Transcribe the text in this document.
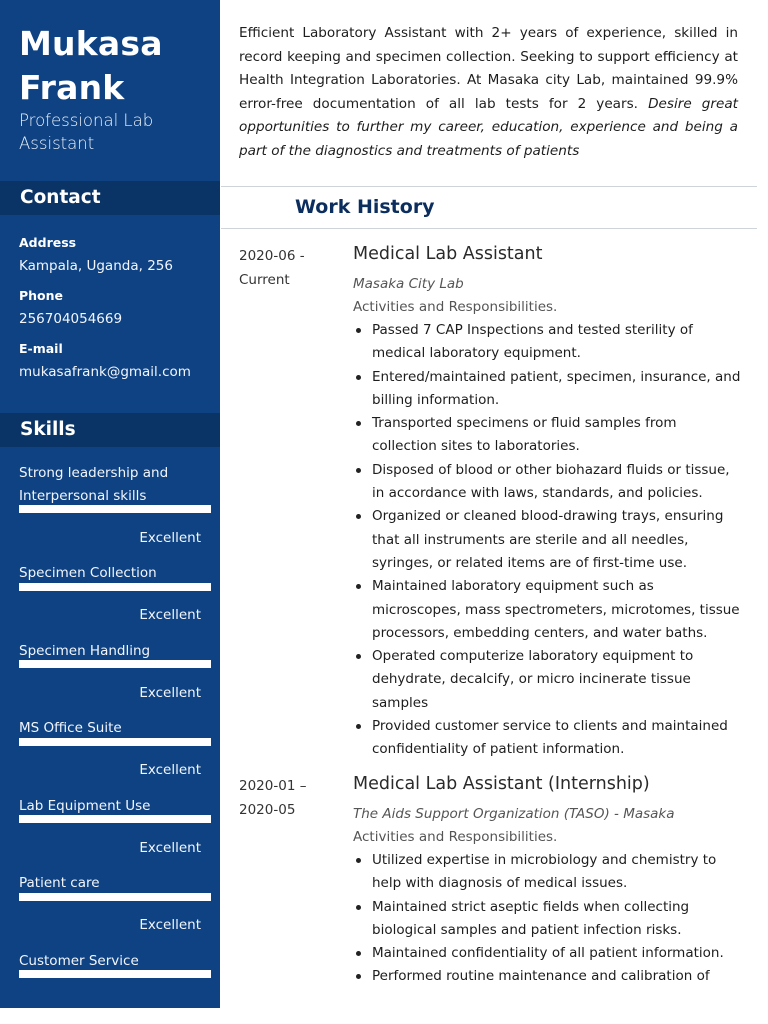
Mukasa
Frank
Professional Lab Assistant
Contact
Address
Kampala, Uganda, 256
Phone
256704054669
E-mail
mukasafrank@gmail.com
Skills
Strong leadership and Interpersonal skills
Excellent
Specimen Collection
Excellent
Specimen Handling
Excellent
MS Office Suite
Excellent
Lab Equipment Use
Excellent
Patient care
Excellent
Customer Service

Efficient Laboratory Assistant with 2+ years of experience, skilled in record keeping and specimen collection. Seeking to support efficiency at Health Integration Laboratories. At Masaka city Lab, maintained 99.9% error-free documentation of all lab tests for 2 years. Desire great opportunities to further my career, education, experience and being a part of the diagnostics and treatments of patients

Work History
2020-06 -
Current
Medical Lab Assistant
Masaka City Lab
Activities and Responsibilities.
Passed 7 CAP Inspections and tested sterility of medical laboratory equipment.
Entered/maintained patient, specimen, insurance, and billing information.
Transported specimens or fluid samples from collection sites to laboratories.
Disposed of blood or other biohazard fluids or tissue, in accordance with laws, standards, and policies.
Organized or cleaned blood-drawing trays, ensuring that all instruments are sterile and all needles, syringes, or related items are of first-time use.
Maintained laboratory equipment such as microscopes, mass spectrometers, microtomes, tissue processors, embedding centers, and water baths.
Operated computerize laboratory equipment to dehydrate, decalcify, or micro incinerate tissue samples
Provided customer service to clients and maintained confidentiality of patient information.
2020-01 –
2020-05
Medical Lab Assistant (Internship)
The Aids Support Organization (TASO) - Masaka
Activities and Responsibilities.
Utilized expertise in microbiology and chemistry to help with diagnosis of medical issues.
Maintained strict aseptic fields when collecting biological samples and patient infection risks.
Maintained confidentiality of all patient information.
Performed routine maintenance and calibration of
